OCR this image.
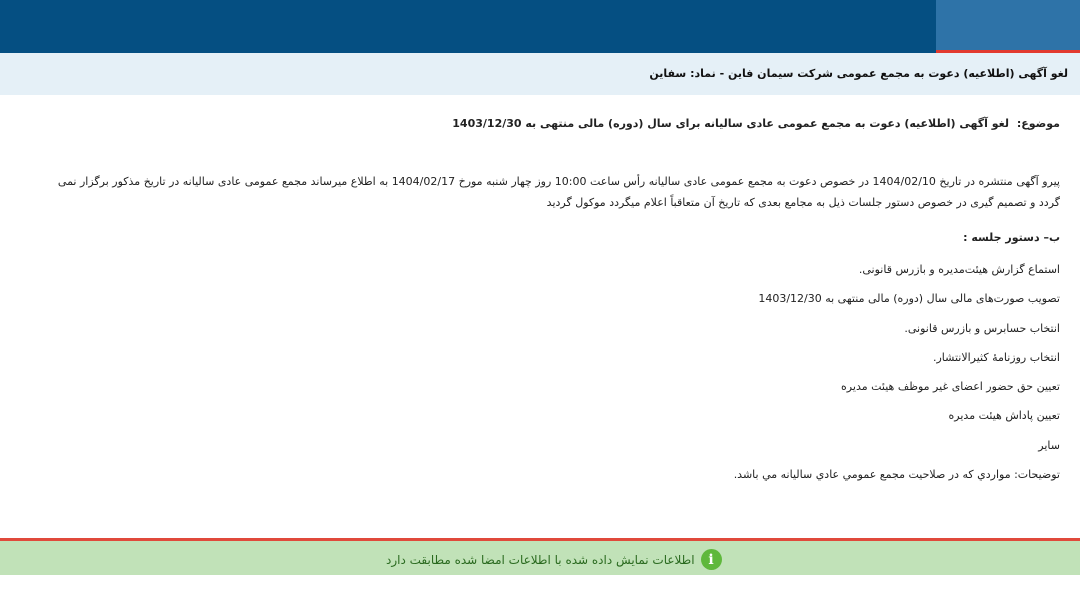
لغو آگهی (اطلاعیه) دعوت به مجمع عمومی شرکت سیمان فاین - نماد: سفاین
موضوع: لغو آگهی (اطلاعیه) دعوت به مجمع عمومی عادی سالیانه برای سال (دوره) مالی منتهی به 1403/12/30
پیرو آگهی منتشره در تاریخ 1404/02/10 در خصوص دعوت به مجمع عمومی عادی سالیانه رأس ساعت 10:00 روز چهار شنبه مورخ 1404/02/17 به اطلاع میرساند مجمع عمومی عادی سالیانه در تاریخ مذکور برگزار نمی گردد و تصمیم گیری در خصوص دستور جلسات ذیل به مجامع بعدی که تاریخ آن متعاقباً اعلام میگردد موکول گردید
ب– دستور جلسه :
استماع گزارش هیئت‌مدیره و بازرس قانونی.
تصویب صورت‌های مالی سال (دوره) مالی منتهی به 1403/12/30
انتخاب حسابرس و بازرس قانونی.
انتخاب روزنامهٔ کثیرالانتشار.
تعیین حق حضور اعضای غیر موظف هیئت مدیره
تعیین پاداش هیئت مدیره
سایر
توضیحات: مواردي كه در صلاحيت مجمع عمومي عادي ساليانه مي باشد.
i
اطلاعات نمایش داده شده با اطلاعات امضا شده مطابقت دارد
